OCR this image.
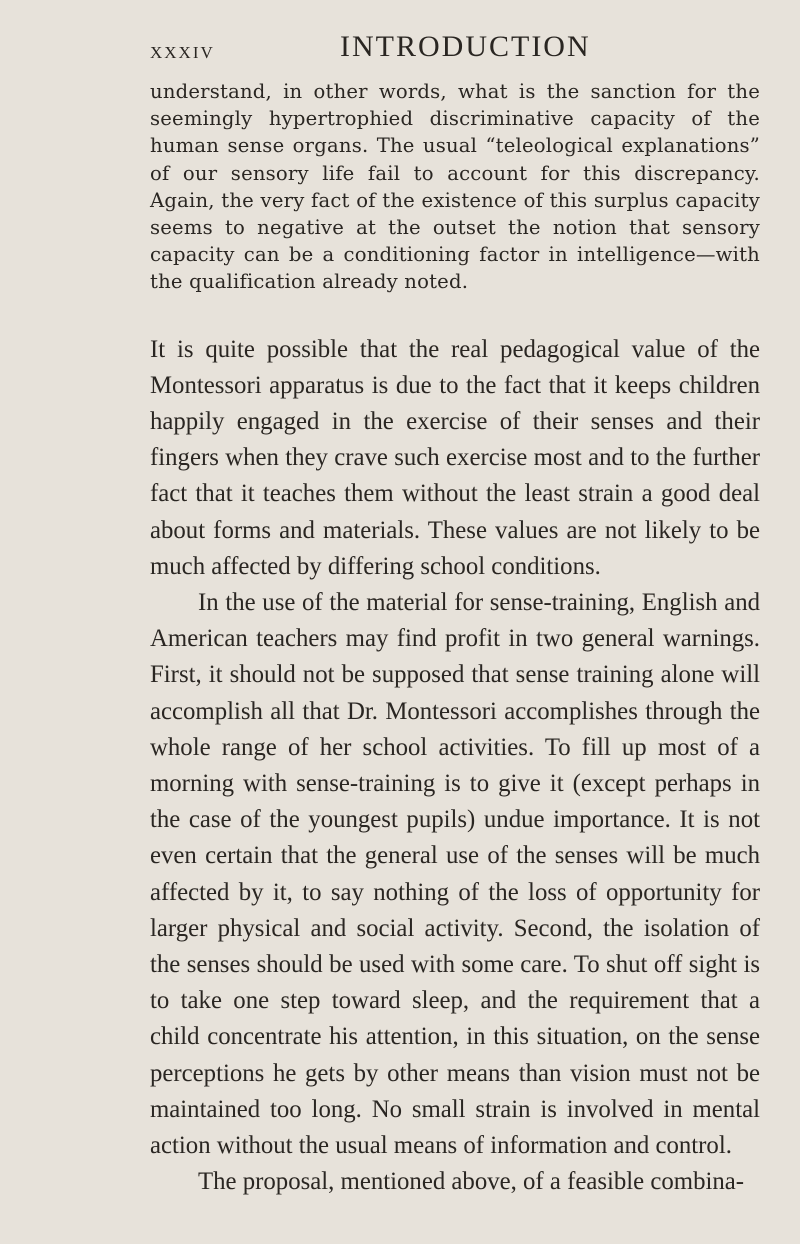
xxxiv	INTRODUCTION

understand, in other words, what is the sanction for the seemingly hypertrophied discriminative capacity of the human sense organs. The usual “teleological explanations” of our sensory life fail to account for this discrepancy. Again, the very fact of the existence of this surplus capacity seems to negative at the outset the notion that sensory capacity can be a conditioning factor in intelligence—with the qualification already noted.

It is quite possible that the real pedagogical value of the Montessori apparatus is due to the fact that it keeps children happily engaged in the exercise of their senses and their fingers when they crave such exercise most and to the further fact that it teaches them without the least strain a good deal about forms and materials. These values are not likely to be much affected by differing school conditions.

In the use of the material for sense-training, English and American teachers may find profit in two general warnings. First, it should not be supposed that sense training alone will accomplish all that Dr. Montessori accomplishes through the whole range of her school activities. To fill up most of a morning with sense-training is to give it (except perhaps in the case of the youngest pupils) undue importance. It is not even certain that the general use of the senses will be much affected by it, to say nothing of the loss of opportunity for larger physical and social activity. Second, the isolation of the senses should be used with some care. To shut off sight is to take one step toward sleep, and the requirement that a child concentrate his attention, in this situation, on the sense perceptions he gets by other means than vision must not be maintained too long. No small strain is involved in mental action without the usual means of information and control.

The proposal, mentioned above, of a feasible combina-
